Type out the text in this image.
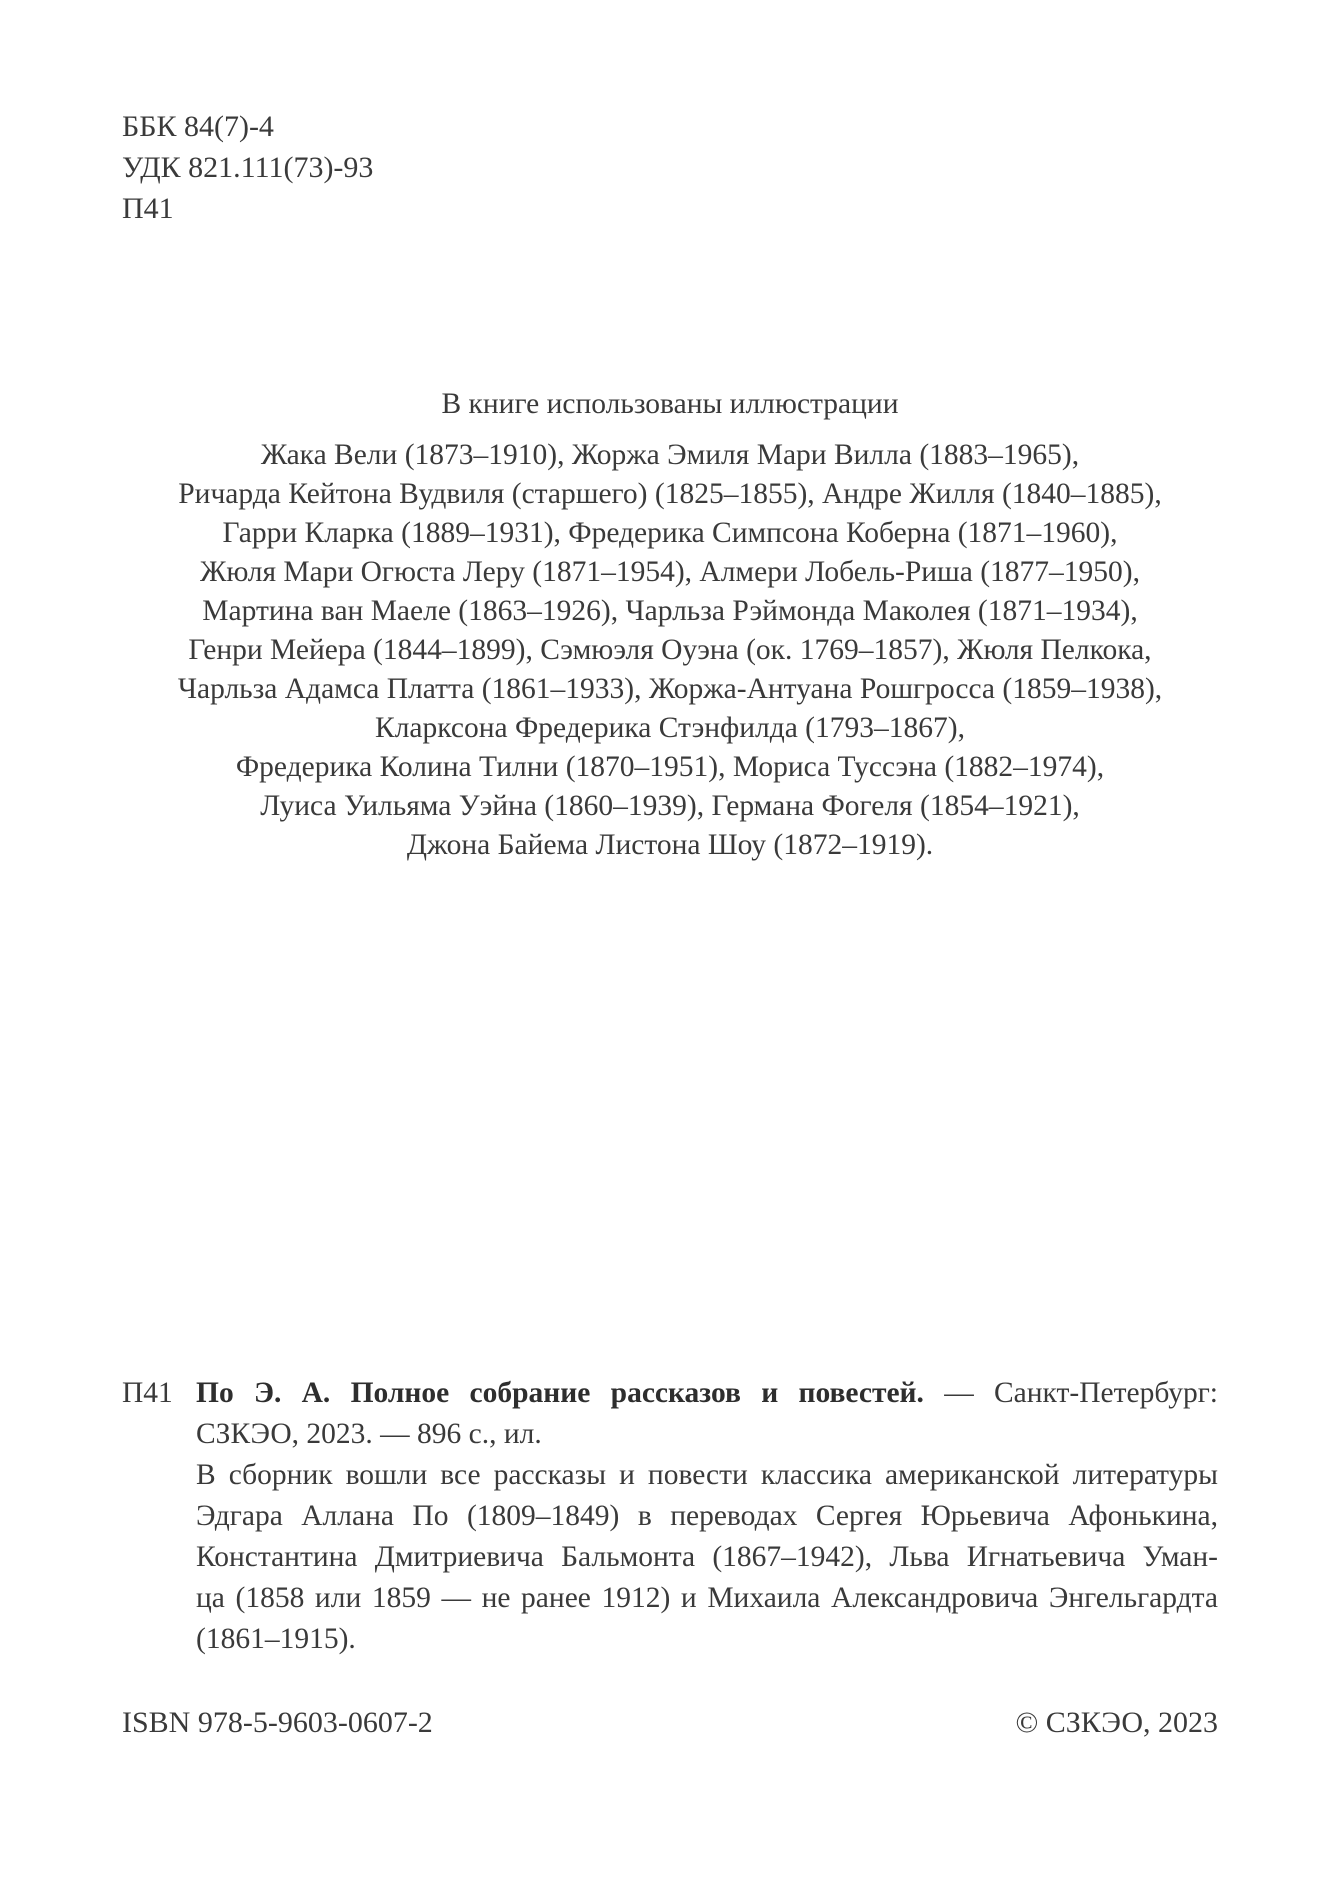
ББК 84(7)-4
УДК 821.111(73)-93
П41
В книге использованы иллюстрации
Жака Вели (1873–1910), Жоржа Эмиля Мари Вилла (1883–1965),
Ричарда Кейтона Вудвиля (старшего) (1825–1855), Андре Жилля (1840–1885),
Гарри Кларка (1889–1931), Фредерика Симпсона Коберна (1871–1960),
Жюля Мари Огюста Леру (1871–1954), Алмери Лобель-Риша (1877–1950),
Мартина ван Маеле (1863–1926), Чарльза Рэймонда Маколея (1871–1934),
Генри Мейера (1844–1899), Сэмюэля Оуэна (ок. 1769–1857), Жюля Пелкока,
Чарльза Адамса Платта (1861–1933), Жоржа-Антуана Рошгросса (1859–1938),
Кларксона Фредерика Стэнфилда (1793–1867),
Фредерика Колина Тилни (1870–1951), Мориса Туссэна (1882–1974),
Луиса Уильяма Уэйна (1860–1939), Германа Фогеля (1854–1921),
Джона Байема Листона Шоу (1872–1919).
П41 По Э. А. Полное собрание рассказов и повестей. — Санкт-Петербург:
СЗКЭО, 2023. — 896 с., ил.
В сборник вошли все рассказы и повести классика американской литературы
Эдгара Аллана По (1809–1849) в переводах Сергея Юрьевича Афонькина,
Константина Дмитриевича Бальмонта (1867–1942), Льва Игнатьевича Уман-
ца (1858 или 1859 — не ранее 1912) и Михаила Александровича Энгельгардта
(1861–1915).
ISBN 978-5-9603-0607-2	© СЗКЭО, 2023
